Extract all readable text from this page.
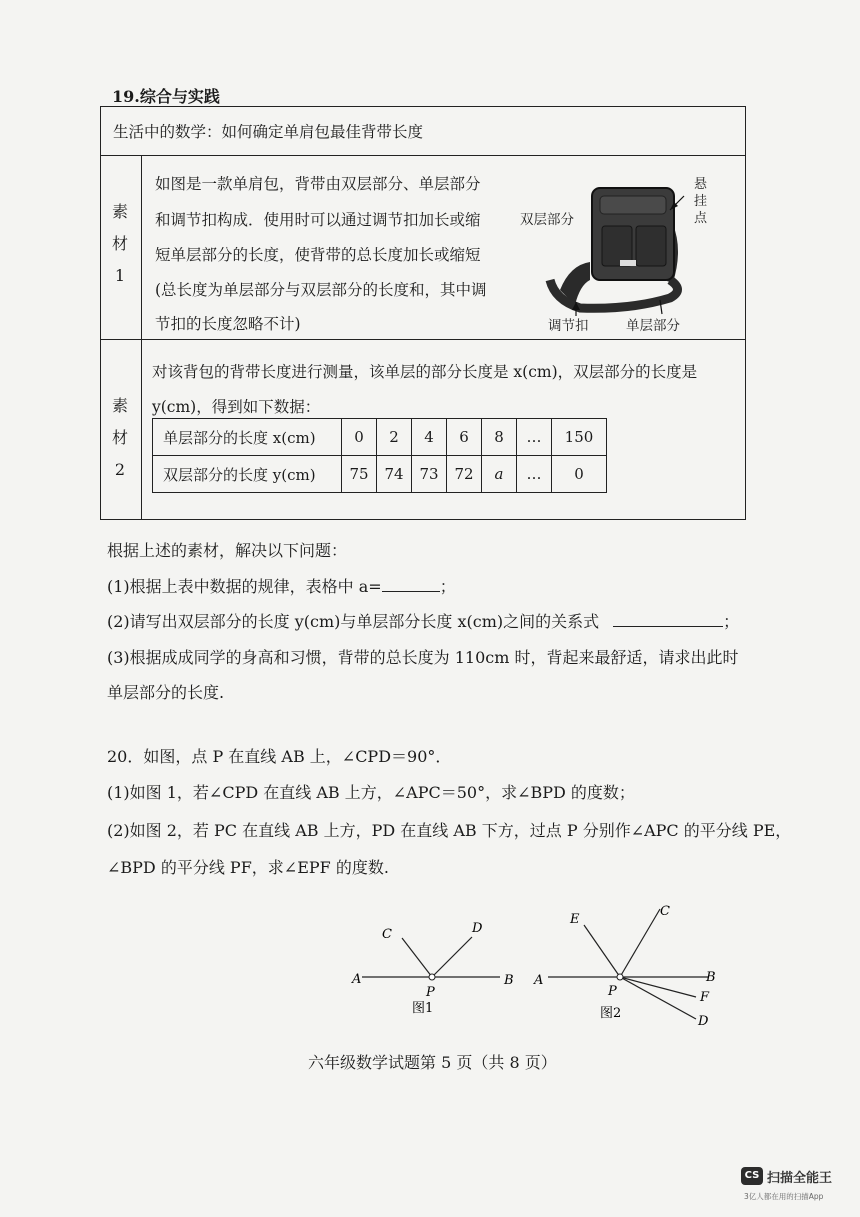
19.综合与实践
生活中的数学：如何确定单肩包最佳背带长度
素
材
1
如图是一款单肩包，背带由双层部分、单层部分
和调节扣构成．使用时可以通过调节扣加长或缩
短单层部分的长度，使背带的总长度加长或缩短
(总长度为单层部分与双层部分的长度和，其中调
节扣的长度忽略不计)
双层部分
悬
挂
点
调节扣	单层部分
素
材
2
对该背包的背带长度进行测量，该单层的部分长度是 x(cm)，双层部分的长度是
y(cm)，得到如下数据：
单层部分的长度 x(cm)	0	2	4	6	8	…	150
双层部分的长度 y(cm)	75	74	73	72	a	…	0
根据上述的素材，解决以下问题：
(1)根据上表中数据的规律，表格中 a=	；
(2)请写出双层部分的长度 y(cm)与单层部分长度 x(cm)之间的关系式	；
(3)根据成成同学的身高和习惯，背带的总长度为 110cm 时，背起来最舒适，请求出此时
单层部分的长度.
20．如图，点 P 在直线 AB 上，∠CPD＝90°．
(1)如图 1，若∠CPD 在直线 AB 上方，∠APC＝50°，求∠BPD 的度数；
(2)如图 2，若 PC 在直线 AB 上方，PD 在直线 AB 下方，过点 P 分别作∠APC 的平分线 PE，
∠BPD 的平分线 PF，求∠EPF 的度数.
A	B
C	D
P
图1
A	B
C
E
F
D
P
图2
六年级数学试题第 5 页（共 8 页）
CS 扫描全能王
3亿人都在用的扫描App
